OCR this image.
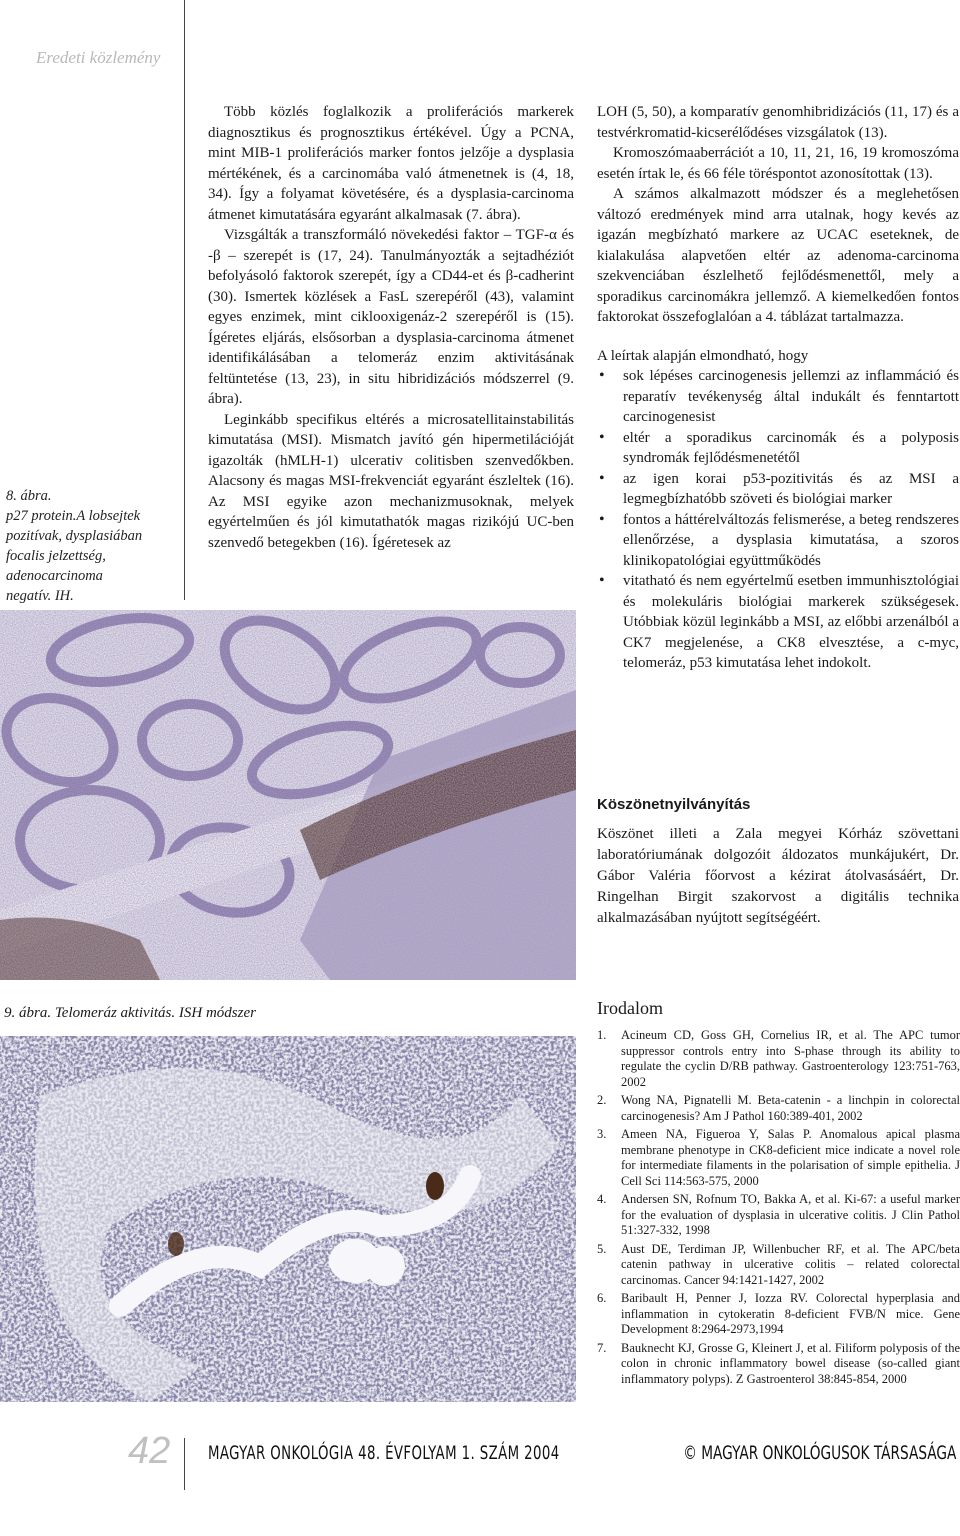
Eredeti közlemény
8. ábra.
p27 protein.A lobsejtek
pozitívak, dysplasiában
focalis jelzettség,
adenocarcinoma
negatív. IH.

Több közlés foglalkozik a proliferációs markerek diagnosztikus és prognosztikus értékével. Úgy a PCNA, mint MIB-1 proliferációs marker fontos jelzője a dysplasia mértékének, és a carcinomába való átmenetnek is (4, 18, 34). Így a folyamat követésére, és a dysplasia-carcinoma átmenet kimutatására egyaránt alkalmasak (7. ábra).

Vizsgálták a transzformáló növekedési faktor – TGF-α és -β – szerepét is (17, 24). Tanulmányozták a sejtadhéziót befolyásoló faktorok szerepét, így a CD44-et és β-cadherint (30). Ismertek közlések a FasL szerepéről (43), valamint egyes enzimek, mint ciklooxigenáz-2 szerepéről is (15). Ígéretes eljárás, elsősorban a dysplasia-carcinoma átmenet identifikálásában a telomeráz enzim aktivitásának feltüntetése (13, 23), in situ hibridizációs módszerrel (9. ábra).

Leginkább specifikus eltérés a microsatellitainstabilitás kimutatása (MSI). Mismatch javító gén hipermetilációját igazolták (hMLH-1) ulcerativ colitisben szenvedőkben. Alacsony és magas MSI-frekvenciát egyaránt észleltek (16). Az MSI egyike azon mechanizmusoknak, melyek egyértelműen és jól kimutathatók magas rizikójú UC-ben szenvedő betegekben (16). Ígéretesek az

LOH (5, 50), a komparatív genomhibridizációs (11, 17) és a testvérkromatid-kicserélődéses vizsgálatok (13).

Kromoszómaaberrációt a 10, 11, 21, 16, 19 kromoszóma esetén írtak le, és 66 féle töréspontot azonosítottak (13).

A számos alkalmazott módszer és a meglehetősen változó eredmények mind arra utalnak, hogy kevés az igazán megbízható markere az UCAC eseteknek, de kialakulása alapvetően eltér az adenoma-carcinoma szekvenciában észlelhető fejlődésmenettől, mely a sporadikus carcinomákra jellemző. A kiemelkedően fontos faktorokat összefoglalóan a 4. táblázat tartalmazza.

A leírtak alapján elmondható, hogy

• sok lépéses carcinogenesis jellemzi az inflammáció és reparatív tevékenység által indukált és fenntartott carcinogenesist
• eltér a sporadikus carcinomák és a polyposis syndromák fejlődésmenetétől
• az igen korai p53-pozitivitás és az MSI a legmegbízhatóbb szöveti és biológiai marker
• fontos a háttérelváltozás felismerése, a beteg rendszeres ellenőrzése, a dysplasia kimutatása, a szoros klinikopatológiai együttműködés
• vitatható és nem egyértelmű esetben immunhisztológiai és molekuláris biológiai markerek szükségesek. Utóbbiak közül leginkább a MSI, az előbbi arzenálból a CK7 megjelenése, a CK8 elvesztése, a c-myc, telomeráz, p53 kimutatása lehet indokolt.
Köszönetnyilványítás
Köszönet illeti a Zala megyei Kórház szövettani laboratóriumának dolgozóit áldozatos munkájukért, Dr. Gábor Valéria főorvost a kézirat átolvasásáért, Dr. Ringelhan Birgit szakorvost a digitális technika alkalmazásában nyújtott segítségéért.
9. ábra. Telomeráz aktivitás. ISH módszer	Irodalom
1. Acineum CD, Goss GH, Cornelius IR, et al. The APC tumor suppressor controls entry into S-phase through its ability to regulate the cyclin D/RB pathway. Gastroenterology 123:751-763, 2002
2. Wong NA, Pignatelli M. Beta-catenin - a linchpin in colorectal carcinogenesis? Am J Pathol 160:389-401, 2002
3. Ameen NA, Figueroa Y, Salas P. Anomalous apical plasma membrane phenotype in CK8-deficient mice indicate a novel role for intermediate filaments in the polarisation of simple epithelia. J Cell Sci 114:563-575, 2000
4. Andersen SN, Rofnum TO, Bakka A, et al. Ki-67: a useful marker for the evaluation of dysplasia in ulcerative colitis. J Clin Pathol 51:327-332, 1998
5. Aust DE, Terdiman JP, Willenbucher RF, et al. The APC/beta catenin pathway in ulcerative colitis – related colorectal carcinomas. Cancer 94:1421-1427, 2002
6. Baribault H, Penner J, Iozza RV. Colorectal hyperplasia and inflammation in cytokeratin 8-deficient FVB/N mice. Gene Development 8:2964-2973,1994
7. Bauknecht KJ, Grosse G, Kleinert J, et al. Filiform polyposis of the colon in chronic inflammatory bowel disease (so-called giant inflammatory polyps). Z Gastroenterol 38:845-854, 2000
42 MAGYAR ONKOLÓGIA 48. ÉVFOLYAM 1. SZÁM 2004	© MAGYAR ONKOLÓGUSOK TÁRSASÁGA
